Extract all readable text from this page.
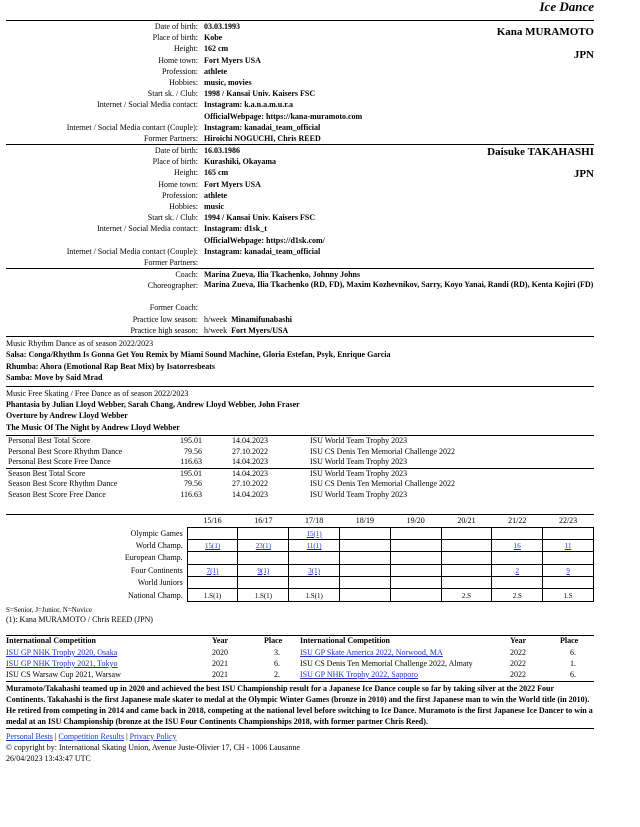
Ice Dance
Kana MURAMOTO
JPN
Date of birth: 03.03.1993
Place of birth: Kobe
Height: 162 cm
Home town: Fort Myers USA
Profession: athlete
Hobbies: music, movies
Start sk. / Club: 1998 / Kansai Univ. Kaisers FSC
Internet / Social Media contact: Instagram: k.a.n.a.m.u.r.a
OfficialWebpage: https://kana-muramoto.com
Internet / Social Media contact (Couple): Instagram: kanadai_team_official
Former Partners: Hiroichi NOGUCHI, Chris REED
Daisuke TAKAHASHI
JPN
Date of birth: 16.03.1986
Place of birth: Kurashiki, Okayama
Height: 165 cm
Home town: Fort Myers USA
Profession: athlete
Hobbies: music
Start sk. / Club: 1994 / Kansai Univ. Kaisers FSC
Internet / Social Media contact: Instagram: d1sk_t
OfficialWebpage: https://d1sk.com/
Internet / Social Media contact (Couple): Instagram: kanadai_team_official
Former Partners:
Coach: Marina Zueva, Ilia Tkachenko, Johnny Johns
Choreographer: Marina Zueva, Ilia Tkachenko (RD, FD), Maxim Kozhevnikov, Sarry, Koyo Yanai, Randi (RD), Kenta Kojiri (FD)
Former Coach:
Practice low season: h/week Minamifunabashi
Practice high season: h/week Fort Myers/USA
Music Rhythm Dance as of season 2022/2023
Salsa: Conga/Rhythm Is Gonna Get You Remix by Miami Sound Machine, Gloria Estefan, Psyk, Enrique Garcia
Rhumba: Ahora (Emotional Rap Beat Mix) by Isatorresbeats
Samba: Move by Said Mrad
Music Free Skating / Free Dance as of season 2022/2023
Phantasia by Julian Lloyd Webber, Sarah Chang, Andrew Lloyd Webber, John Fraser
Overture by Andrew Lloyd Webber
The Music Of The Night by Andrew Lloyd Webber
Personal Best Total Score	195.01	14.04.2023	ISU World Team Trophy 2023
Personal Best Score Rhythm Dance	79.56	27.10.2022	ISU CS Denis Ten Memorial Challenge 2022
Personal Best Score Free Dance	116.63	14.04.2023	ISU World Team Trophy 2023
Season Best Total Score	195.01	14.04.2023	ISU World Team Trophy 2023
Season Best Score Rhythm Dance	79.56	27.10.2022	ISU CS Denis Ten Memorial Challenge 2022
Season Best Score Free Dance	116.63	14.04.2023	ISU World Team Trophy 2023
	15/16	16/17	17/18	18/19	19/20	20/21	21/22	22/23
Olympic Games			15(1)					
World Champ.	15(1)	23(1)	11(1)				16	11
European Champ.								
Four Continents	7(1)	9(1)	3(1)				2	9
World Juniors								
National Champ.	1.S(1)	1.S(1)	1.S(1)			2.S	2.S	1.S
S=Senior, J=Junior, N=Novice
(1): Kana MURAMOTO / Chris REED (JPN)
International Competition	Year	Place	International Competition	Year	Place
ISU GP NHK Trophy 2020, Osaka	2020	3.	ISU GP Skate America 2022, Norwood, MA	2022	6.
ISU GP NHK Trophy 2021, Tokyo	2021	6.	ISU CS Denis Ten Memorial Challenge 2022, Almaty	2022	1.
ISU CS Warsaw Cup 2021, Warsaw	2021	2.	ISU GP NHK Trophy 2022, Sapporo	2022	6.
Muramoto/Takahashi teamed up in 2020 and achieved the best ISU Championship result for a Japanese Ice Dance couple so far by taking silver at the 2022 Four Continents. Takahashi is the first Japanese male skater to medal at the Olympic Winter Games (bronze in 2010) and the first Japanese man to win the World title (in 2010). He retired from competing in 2014 and came back in 2018, competing at the national level before switching to Ice Dance. Muramoto is the first Japanese Ice Dancer to win a medal at an ISU Championship (bronze at the ISU Four Continents Championships 2018, with former partner Chris Reed).
Personal Bests | Competition Results | Privacy Policy
© copyright by: International Skating Union, Avenue Juste-Olivier 17, CH - 1006 Lausanne
26/04/2023 13:43:47 UTC
